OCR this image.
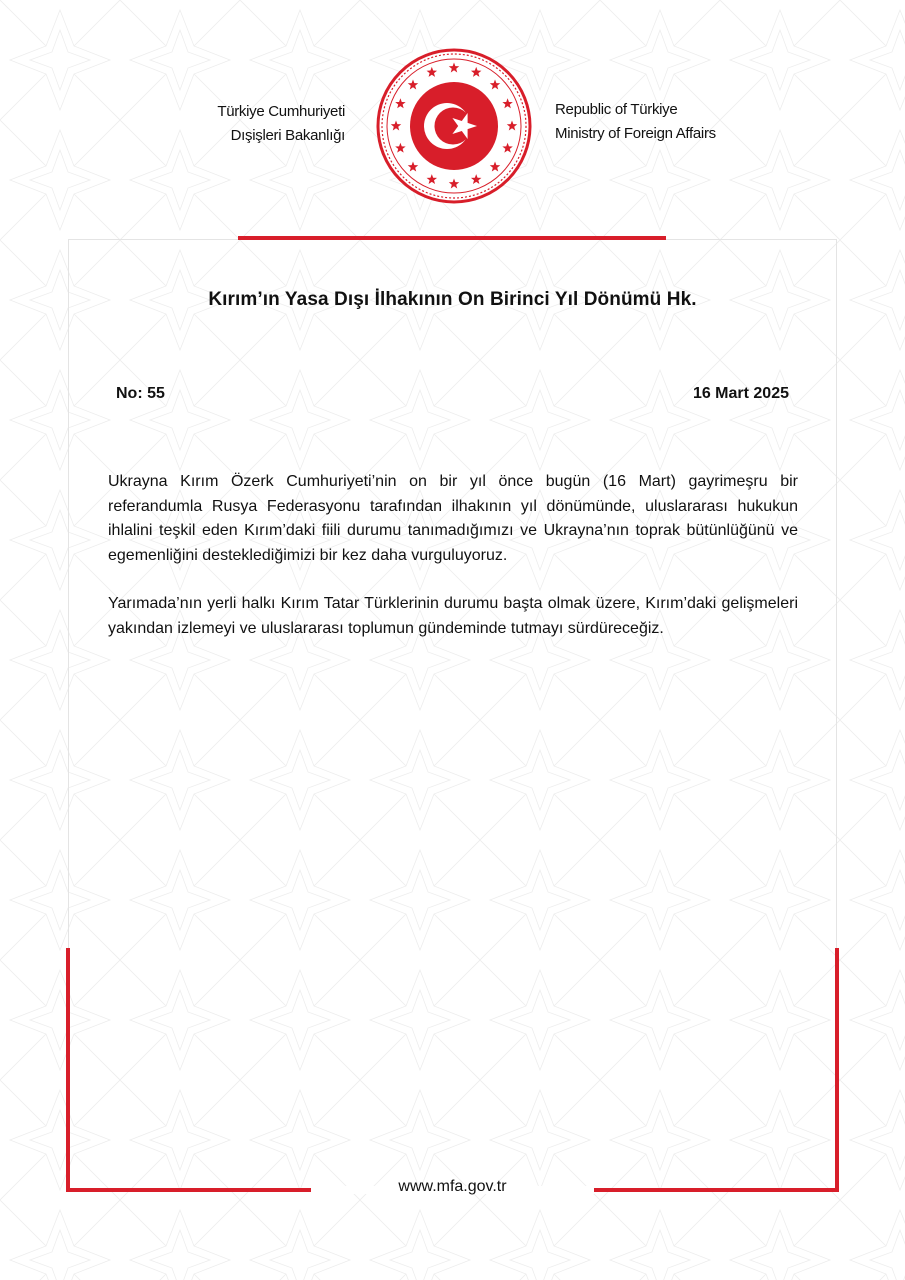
Türkiye Cumhuriyeti
Dışişleri Bakanlığı
Republic of Türkiye
Ministry of Foreign Affairs
Kırım’ın Yasa Dışı İlhakının On Birinci Yıl Dönümü Hk.
No: 55	16 Mart 2025

Ukrayna Kırım Özerk Cumhuriyeti’nin on bir yıl önce bugün (16 Mart) gayrimeşru bir referandumla Rusya Federasyonu tarafından ilhakının yıl dönümünde, uluslararası hukukun ihlalini teşkil eden Kırım’daki fiili durumu tanımadığımızı ve Ukrayna’nın toprak bütünlüğünü ve egemenliğini desteklediğimizi bir kez daha vurguluyoruz.

Yarımada’nın yerli halkı Kırım Tatar Türklerinin durumu başta olmak üzere, Kırım’daki gelişmeleri yakından izlemeyi ve uluslararası toplumun gündeminde tutmayı sürdüreceğiz.

www.mfa.gov.tr
